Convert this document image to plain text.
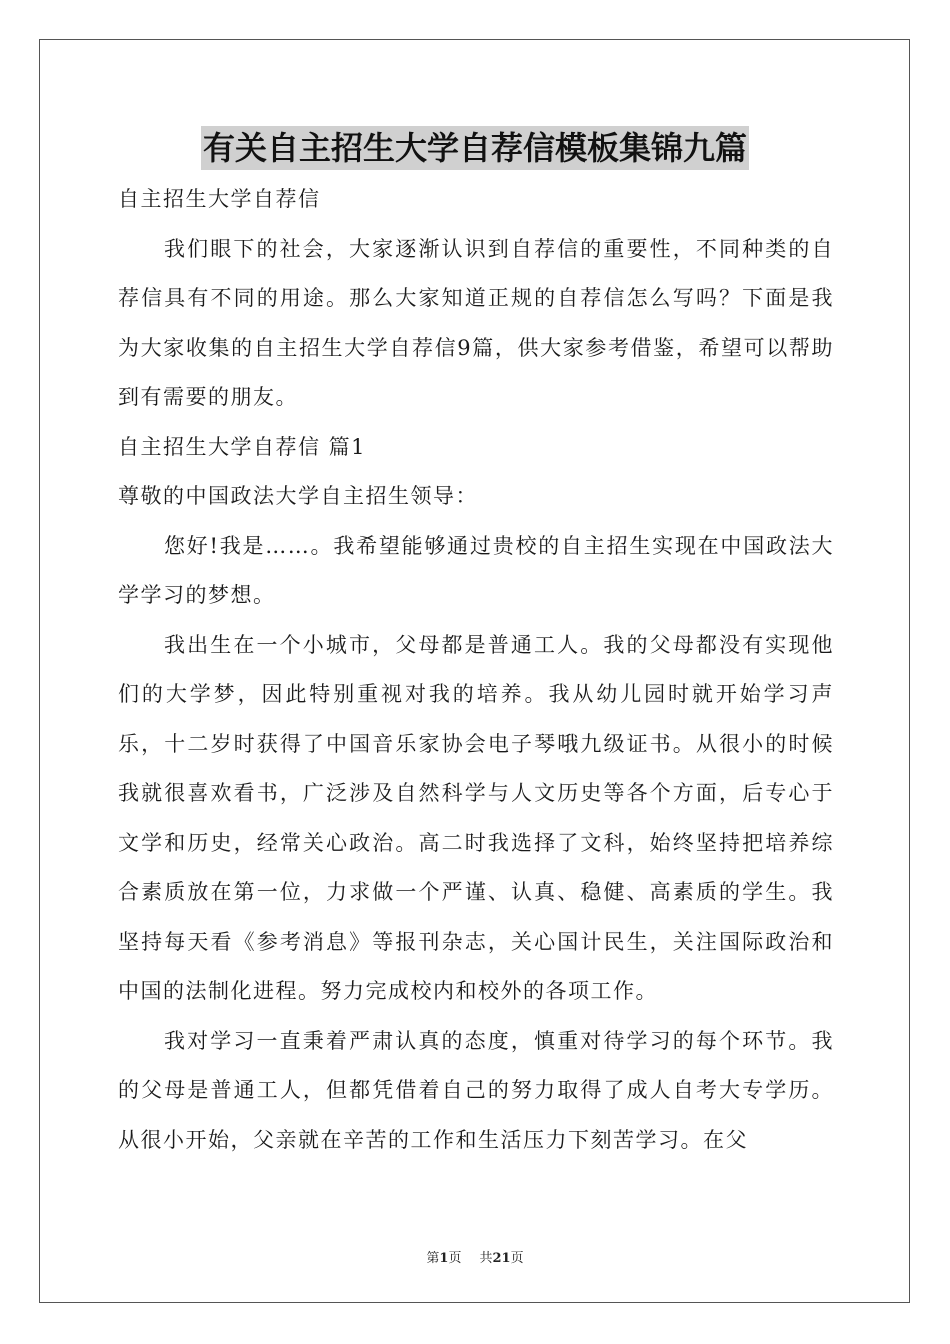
有关自主招生大学自荐信模板集锦九篇

自主招生大学自荐信

我们眼下的社会，大家逐渐认识到自荐信的重要性，不同种类的自荐信具有不同的用途。那么大家知道正规的自荐信怎么写吗？下面是我为大家收集的自主招生大学自荐信9篇，供大家参考借鉴，希望可以帮助到有需要的朋友。

自主招生大学自荐信 篇1

尊敬的中国政法大学自主招生领导：

您好!我是……。我希望能够通过贵校的自主招生实现在中国政法大学学习的梦想。

我出生在一个小城市，父母都是普通工人。我的父母都没有实现他们的大学梦，因此特别重视对我的培养。我从幼儿园时就开始学习声乐，十二岁时获得了中国音乐家协会电子琴哦九级证书。从很小的时候我就很喜欢看书，广泛涉及自然科学与人文历史等各个方面，后专心于文学和历史，经常关心政治。高二时我选择了文科，始终坚持把培养综合素质放在第一位，力求做一个严谨、认真、稳健、高素质的学生。我坚持每天看《参考消息》等报刊杂志，关心国计民生，关注国际政治和中国的法制化进程。努力完成校内和校外的各项工作。

我对学习一直秉着严肃认真的态度，慎重对待学习的每个环节。我的父母是普通工人，但都凭借着自己的努力取得了成人自考大专学历。从很小开始，父亲就在辛苦的工作和生活压力下刻苦学习。在父

第1页 共21页
